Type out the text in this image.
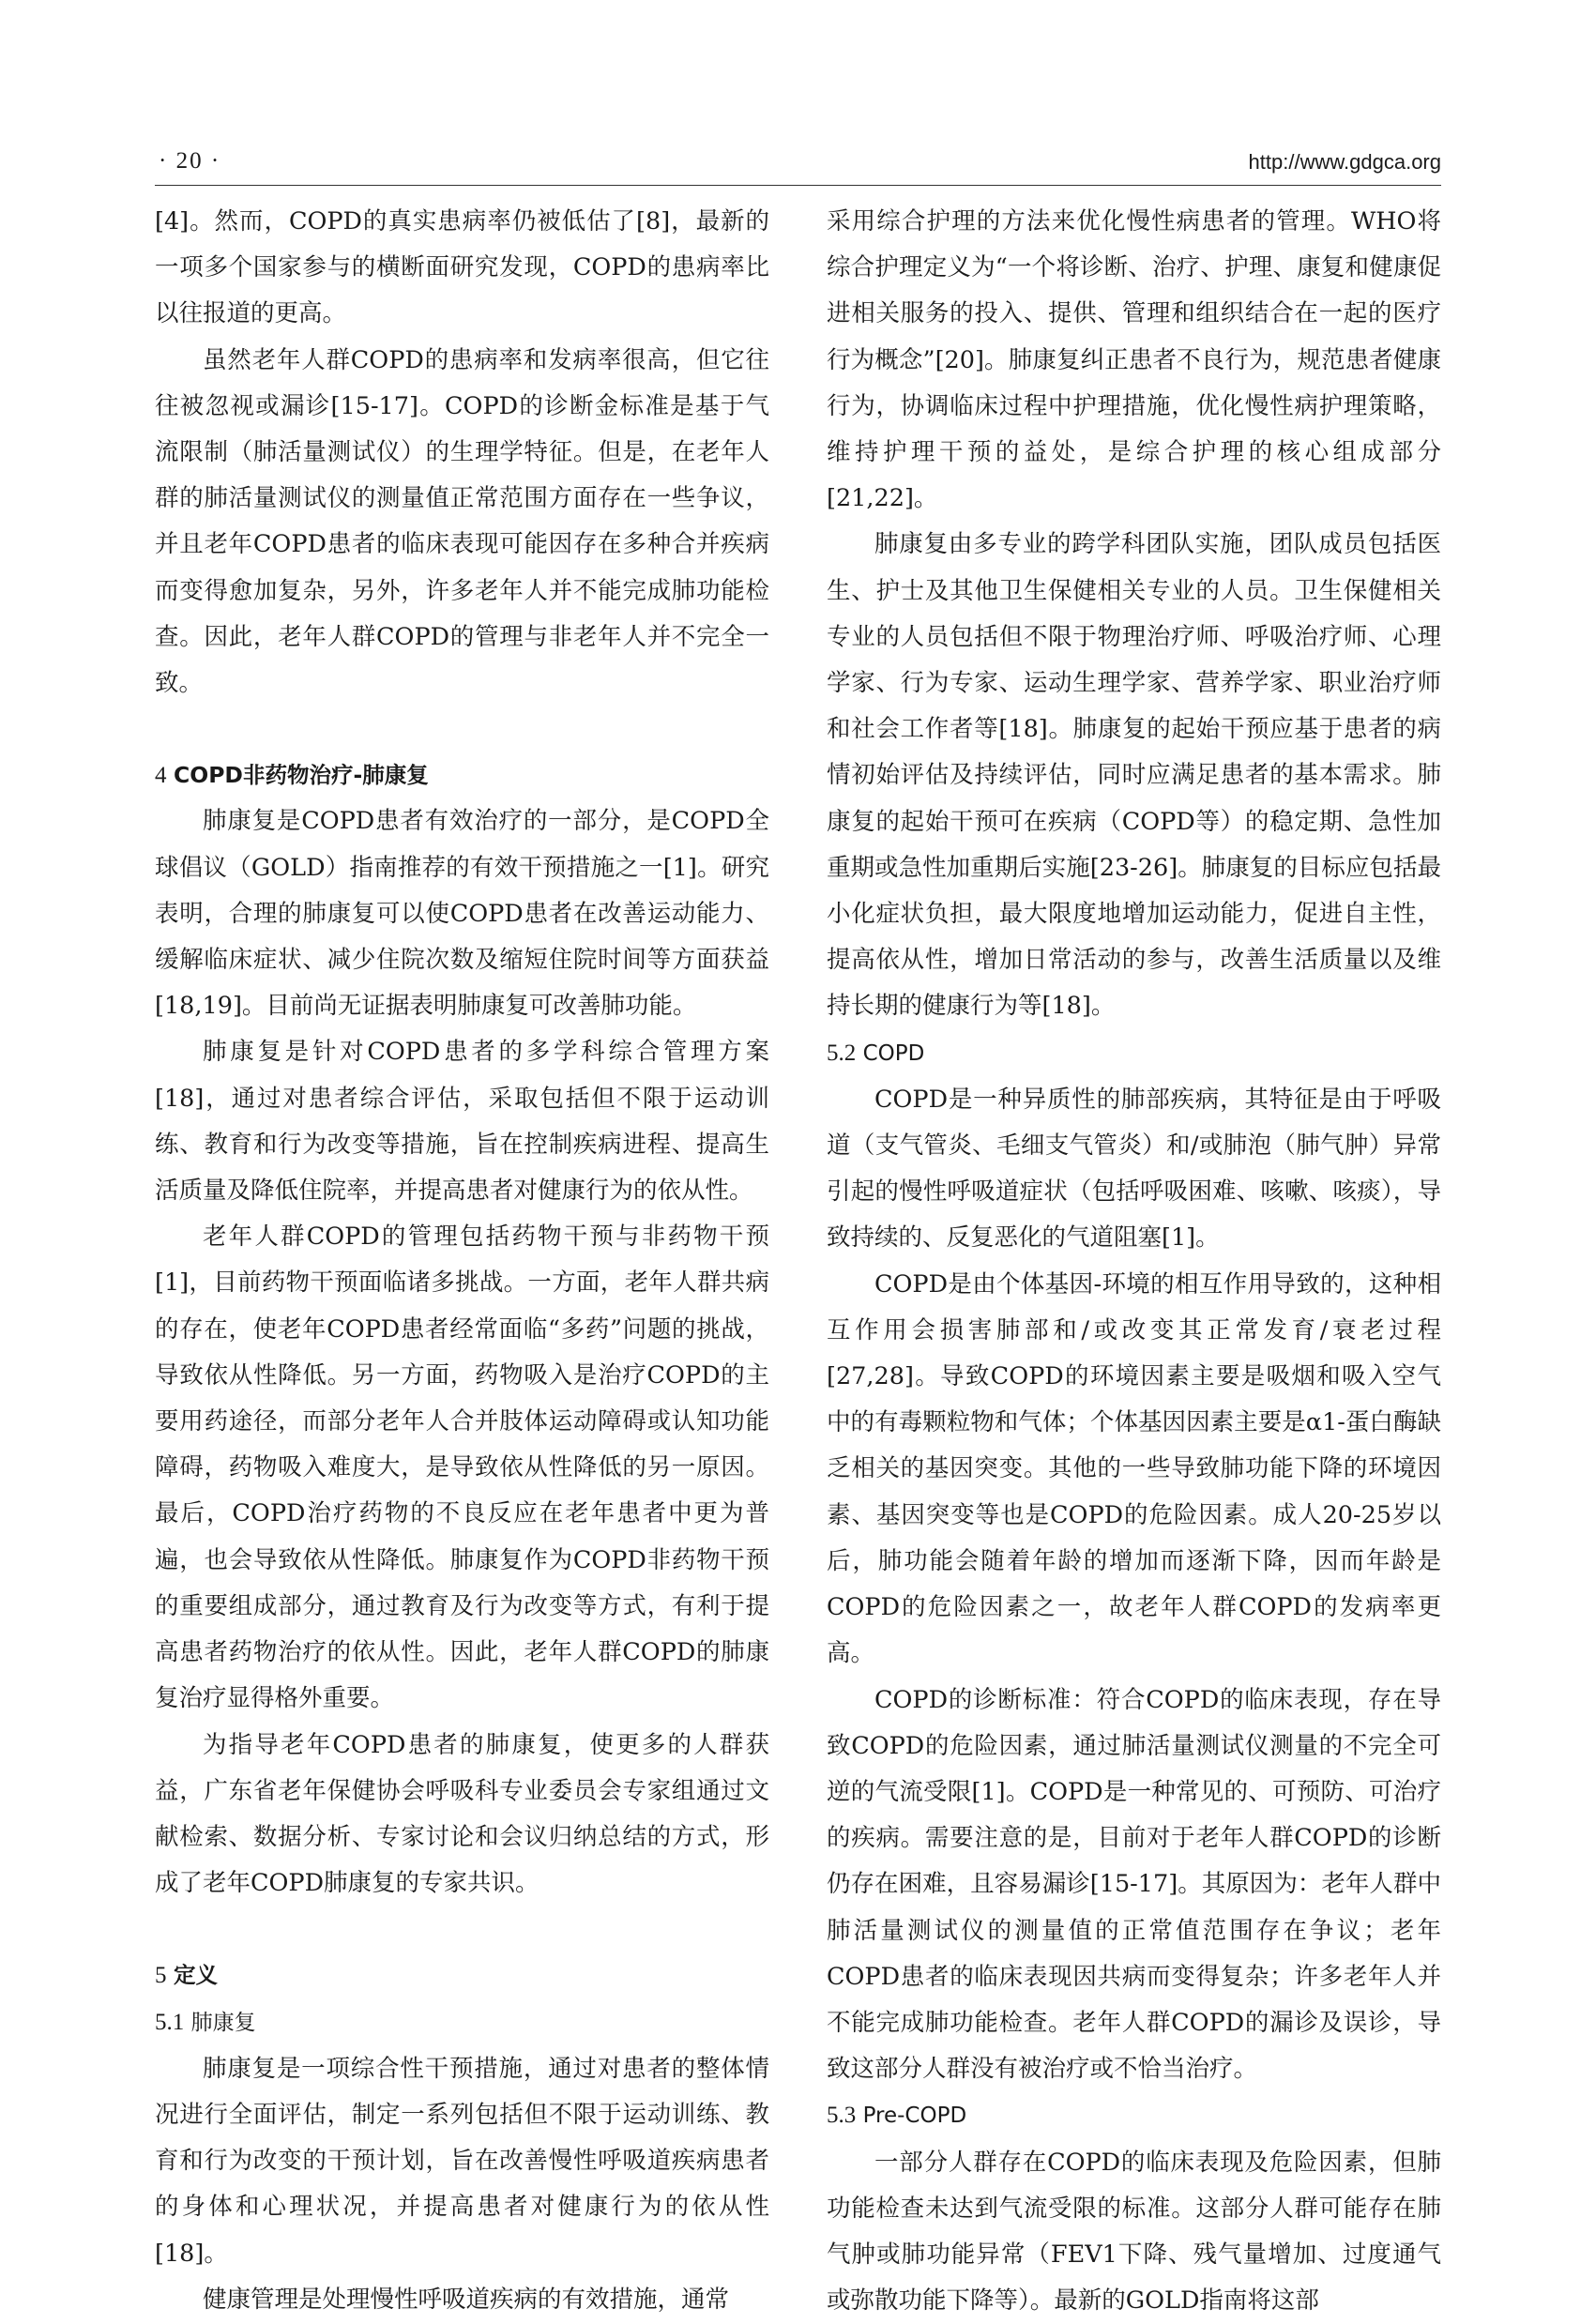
· 20 ·	http://www.gdgca.org

[4]。然而，COPD的真实患病率仍被低估了[8]，最新的一项多个国家参与的横断面研究发现，COPD的患病率比以往报道的更高。

虽然老年人群COPD的患病率和发病率很高，但它往往被忽视或漏诊[15-17]。COPD的诊断金标准是基于气流限制（肺活量测试仪）的生理学特征。但是，在老年人群的肺活量测试仪的测量值正常范围方面存在一些争议，并且老年COPD患者的临床表现可能因存在多种合并疾病而变得愈加复杂，另外，许多老年人并不能完成肺功能检查。因此，老年人群COPD的管理与非老年人并不完全一致。

4 COPD非药物治疗-肺康复

肺康复是COPD患者有效治疗的一部分，是COPD全球倡议（GOLD）指南推荐的有效干预措施之一[1]。研究表明，合理的肺康复可以使COPD患者在改善运动能力、缓解临床症状、减少住院次数及缩短住院时间等方面获益[18,19]。目前尚无证据表明肺康复可改善肺功能。

肺康复是针对COPD患者的多学科综合管理方案[18]，通过对患者综合评估，采取包括但不限于运动训练、教育和行为改变等措施，旨在控制疾病进程、提高生活质量及降低住院率，并提高患者对健康行为的依从性。

老年人群COPD的管理包括药物干预与非药物干预[1]，目前药物干预面临诸多挑战。一方面，老年人群共病的存在，使老年COPD患者经常面临“多药”问题的挑战，导致依从性降低。另一方面，药物吸入是治疗COPD的主要用药途径，而部分老年人合并肢体运动障碍或认知功能障碍，药物吸入难度大，是导致依从性降低的另一原因。最后，COPD治疗药物的不良反应在老年患者中更为普遍，也会导致依从性降低。肺康复作为COPD非药物干预的重要组成部分，通过教育及行为改变等方式，有利于提高患者药物治疗的依从性。因此，老年人群COPD的肺康复治疗显得格外重要。

为指导老年COPD患者的肺康复，使更多的人群获益，广东省老年保健协会呼吸科专业委员会专家组通过文献检索、数据分析、专家讨论和会议归纳总结的方式，形成了老年COPD肺康复的专家共识。

5 定义

5.1 肺康复

肺康复是一项综合性干预措施，通过对患者的整体情况进行全面评估，制定一系列包括但不限于运动训练、教育和行为改变的干预计划，旨在改善慢性呼吸道疾病患者的身体和心理状况，并提高患者对健康行为的依从性[18]。

健康管理是处理慢性呼吸道疾病的有效措施，通常

采用综合护理的方法来优化慢性病患者的管理。WHO将综合护理定义为“一个将诊断、治疗、护理、康复和健康促进相关服务的投入、提供、管理和组织结合在一起的医疗行为概念”[20]。肺康复纠正患者不良行为，规范患者健康行为，协调临床过程中护理措施，优化慢性病护理策略，维持护理干预的益处，是综合护理的核心组成部分[21,22]。

肺康复由多专业的跨学科团队实施，团队成员包括医生、护士及其他卫生保健相关专业的人员。卫生保健相关专业的人员包括但不限于物理治疗师、呼吸治疗师、心理学家、行为专家、运动生理学家、营养学家、职业治疗师和社会工作者等[18]。肺康复的起始干预应基于患者的病情初始评估及持续评估，同时应满足患者的基本需求。肺康复的起始干预可在疾病（COPD等）的稳定期、急性加重期或急性加重期后实施[23-26]。肺康复的目标应包括最小化症状负担，最大限度地增加运动能力，促进自主性，提高依从性，增加日常活动的参与，改善生活质量以及维持长期的健康行为等[18]。

5.2 COPD

COPD是一种异质性的肺部疾病，其特征是由于呼吸道（支气管炎、毛细支气管炎）和/或肺泡（肺气肿）异常引起的慢性呼吸道症状（包括呼吸困难、咳嗽、咳痰），导致持续的、反复恶化的气道阻塞[1]。

COPD是由个体基因-环境的相互作用导致的，这种相互作用会损害肺部和/或改变其正常发育/衰老过程[27,28]。导致COPD的环境因素主要是吸烟和吸入空气中的有毒颗粒物和气体；个体基因因素主要是α1-蛋白酶缺乏相关的基因突变。其他的一些导致肺功能下降的环境因素、基因突变等也是COPD的危险因素。成人20-25岁以后，肺功能会随着年龄的增加而逐渐下降，因而年龄是COPD的危险因素之一，故老年人群COPD的发病率更高。

COPD的诊断标准：符合COPD的临床表现，存在导致COPD的危险因素，通过肺活量测试仪测量的不完全可逆的气流受限[1]。COPD是一种常见的、可预防、可治疗的疾病。需要注意的是，目前对于老年人群COPD的诊断仍存在困难，且容易漏诊[15-17]。其原因为：老年人群中肺活量测试仪的测量值的正常值范围存在争议；老年COPD患者的临床表现因共病而变得复杂；许多老年人并不能完成肺功能检查。老年人群COPD的漏诊及误诊，导致这部分人群没有被治疗或不恰当治疗。

5.3 Pre-COPD

一部分人群存在COPD的临床表现及危险因素，但肺功能检查未达到气流受限的标准。这部分人群可能存在肺气肿或肺功能异常（FEV1下降、残气量增加、过度通气或弥散功能下降等）。最新的GOLD指南将这部
